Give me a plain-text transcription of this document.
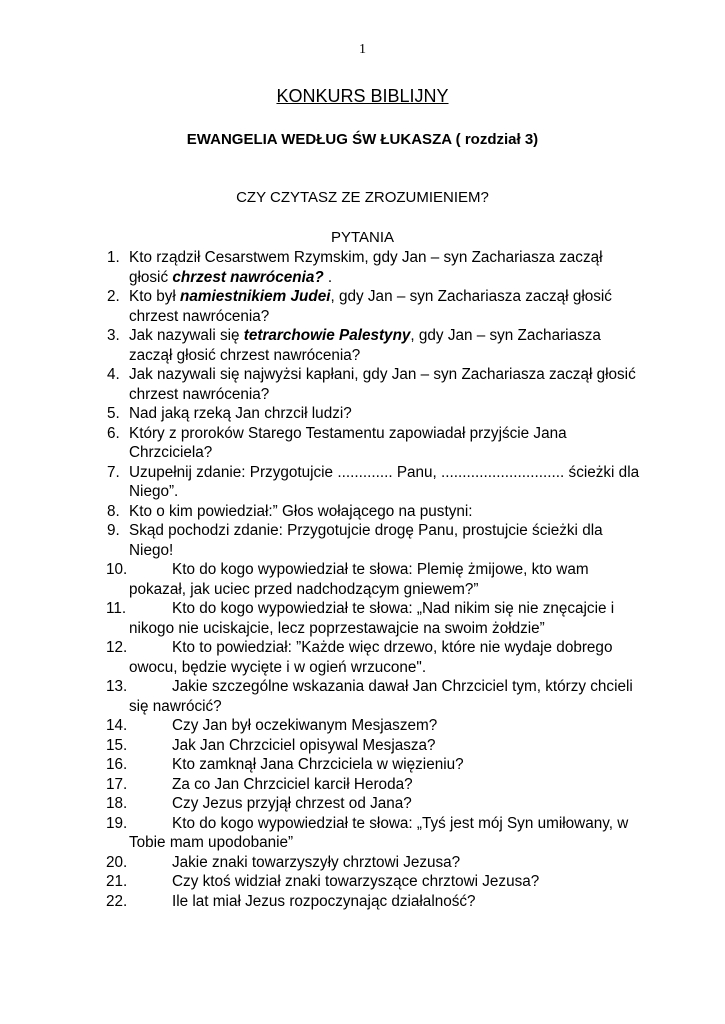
1
KONKURS BIBLIJNY
EWANGELIA WEDŁUG ŚW ŁUKASZA ( rozdział 3)
CZY CZYTASZ ZE ZROZUMIENIEM?
PYTANIA
1. Kto rządził Cesarstwem Rzymskim, gdy Jan – syn Zachariasza zaczął głosić chrzest nawrócenia? .
2. Kto był namiestnikiem Judei, gdy Jan – syn Zachariasza zaczął głosić chrzest nawrócenia?
3. Jak nazywali się tetrarchowie Palestyny, gdy Jan – syn Zachariasza zaczął głosić chrzest nawrócenia?
4. Jak nazywali się najwyżsi kapłani, gdy Jan – syn Zachariasza zaczął głosić chrzest nawrócenia?
5. Nad jaką rzeką Jan chrzcił ludzi?
6. Który z proroków Starego Testamentu zapowiadał przyjście Jana Chrzciciela?
7. Uzupełnij zdanie: Przygotujcie ............. Panu, ............................. ścieżki dla Niego”.
8. Kto o kim powiedział:” Głos wołającego na pustyni:
9. Skąd pochodzi zdanie: Przygotujcie drogę Panu, prostujcie ścieżki dla Niego!
10.	Kto do kogo wypowiedział te słowa: Plemię żmijowe, kto wam pokazał, jak uciec przed nadchodzącym gniewem?”
11.	Kto do kogo wypowiedział te słowa: „Nad nikim się nie znęcajcie i nikogo nie uciskajcie, lecz poprzestawajcie na swoim żołdzie”
12.	Kto to powiedział: ”Każde więc drzewo, które nie wydaje dobrego owocu, będzie wycięte i w ogień wrzucone".
13.	Jakie szczególne wskazania dawał Jan Chrzciciel tym, którzy chcieli się nawrócić?
14.	Czy Jan był oczekiwanym Mesjaszem?
15.	Jak Jan Chrzciciel opisywal Mesjasza?
16.	Kto zamknął Jana Chrzciciela w więzieniu?
17.	Za co Jan Chrzciciel karcił Heroda?
18.	Czy Jezus przyjął chrzest od Jana?
19.	Kto do kogo wypowiedział te słowa: „Tyś jest mój Syn umiłowany, w Tobie mam upodobanie”
20.	Jakie znaki towarzyszyły chrztowi Jezusa?
21.	Czy ktoś widział znaki towarzyszące chrztowi Jezusa?
22.	Ile lat miał Jezus rozpoczynając działalność?
